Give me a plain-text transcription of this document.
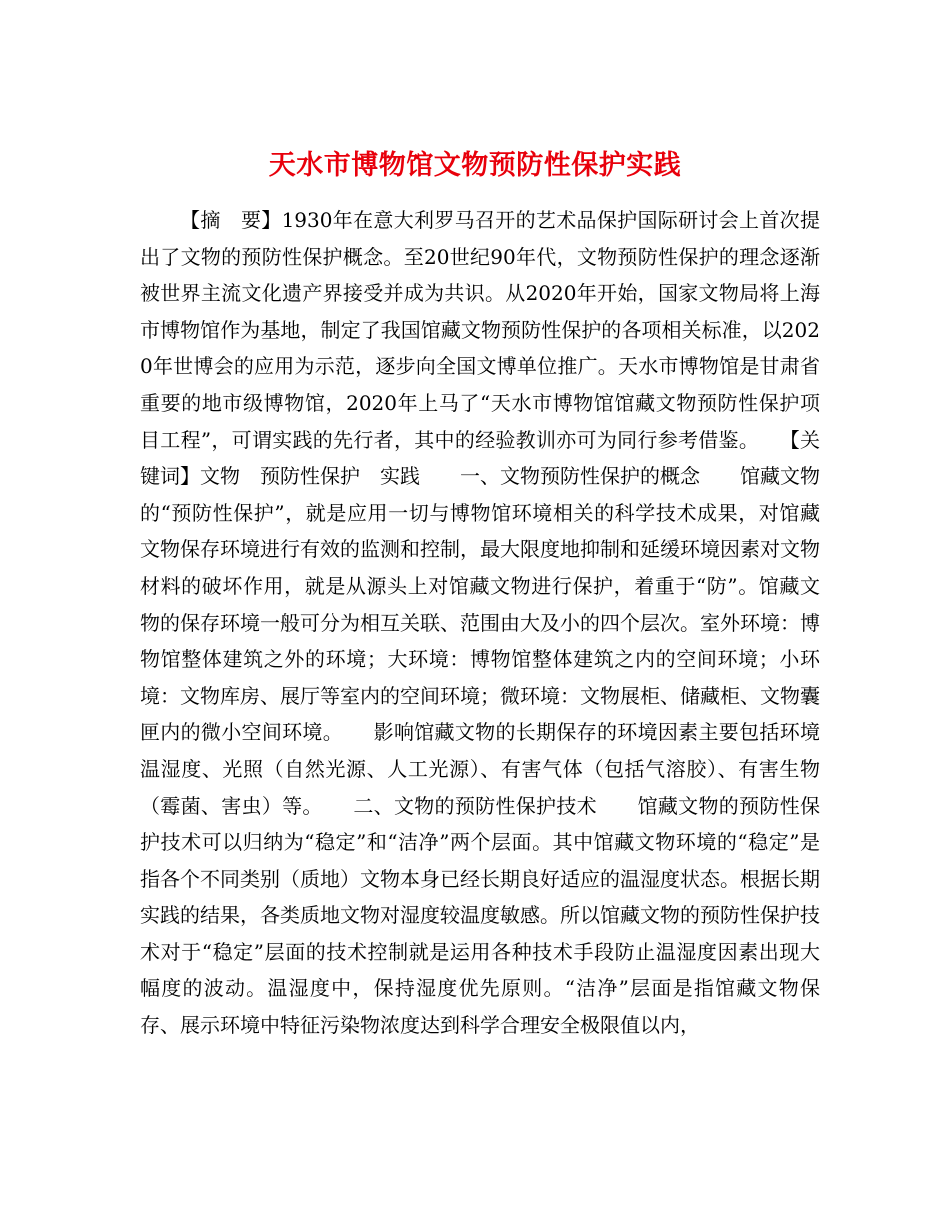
天水市博物馆文物预防性保护实践

【摘　要】1930年在意大利罗马召开的艺术品保护国际研讨会上首次提出了文物的预防性保护概念。至20世纪90年代，文物预防性保护的理念逐渐被世界主流文化遗产界接受并成为共识。从2020年开始，国家文物局将上海市博物馆作为基地，制定了我国馆藏文物预防性保护的各项相关标准，以2020年世博会的应用为示范，逐步向全国文博单位推广。天水市博物馆是甘肃省重要的地市级博物馆，2020年上马了“天水市博物馆馆藏文物预防性保护项目工程”，可谓实践的先行者，其中的经验教训亦可为同行参考借鉴。　　【关键词】文物　预防性保护　实践　　一、文物预防性保护的概念　　馆藏文物的“预防性保护”，就是应用一切与博物馆环境相关的科学技术成果，对馆藏文物保存环境进行有效的监测和控制，最大限度地抑制和延缓环境因素对文物材料的破坏作用，就是从源头上对馆藏文物进行保护，着重于“防”。馆藏文物的保存环境一般可分为相互关联、范围由大及小的四个层次。室外环境：博物馆整体建筑之外的环境；大环境：博物馆整体建筑之内的空间环境；小环境：文物库房、展厅等室内的空间环境；微环境：文物展柜、储藏柜、文物囊匣内的微小空间环境。　　影响馆藏文物的长期保存的环境因素主要包括环境温湿度、光照（自然光源、人工光源）、有害气体（包括气溶胶）、有害生物（霉菌、害虫）等。　　二、文物的预防性保护技术　　馆藏文物的预防性保护技术可以归纳为“稳定”和“洁净”两个层面。其中馆藏文物环境的“稳定”是指各个不同类别（质地）文物本身已经长期良好适应的温湿度状态。根据长期实践的结果，各类质地文物对湿度较温度敏感。所以馆藏文物的预防性保护技术对于“稳定”层面的技术控制就是运用各种技术手段防止温湿度因素出现大幅度的波动。温湿度中，保持湿度优先原则。“洁净”层面是指馆藏文物保存、展示环境中特征污染物浓度达到科学合理安全极限值以内，
